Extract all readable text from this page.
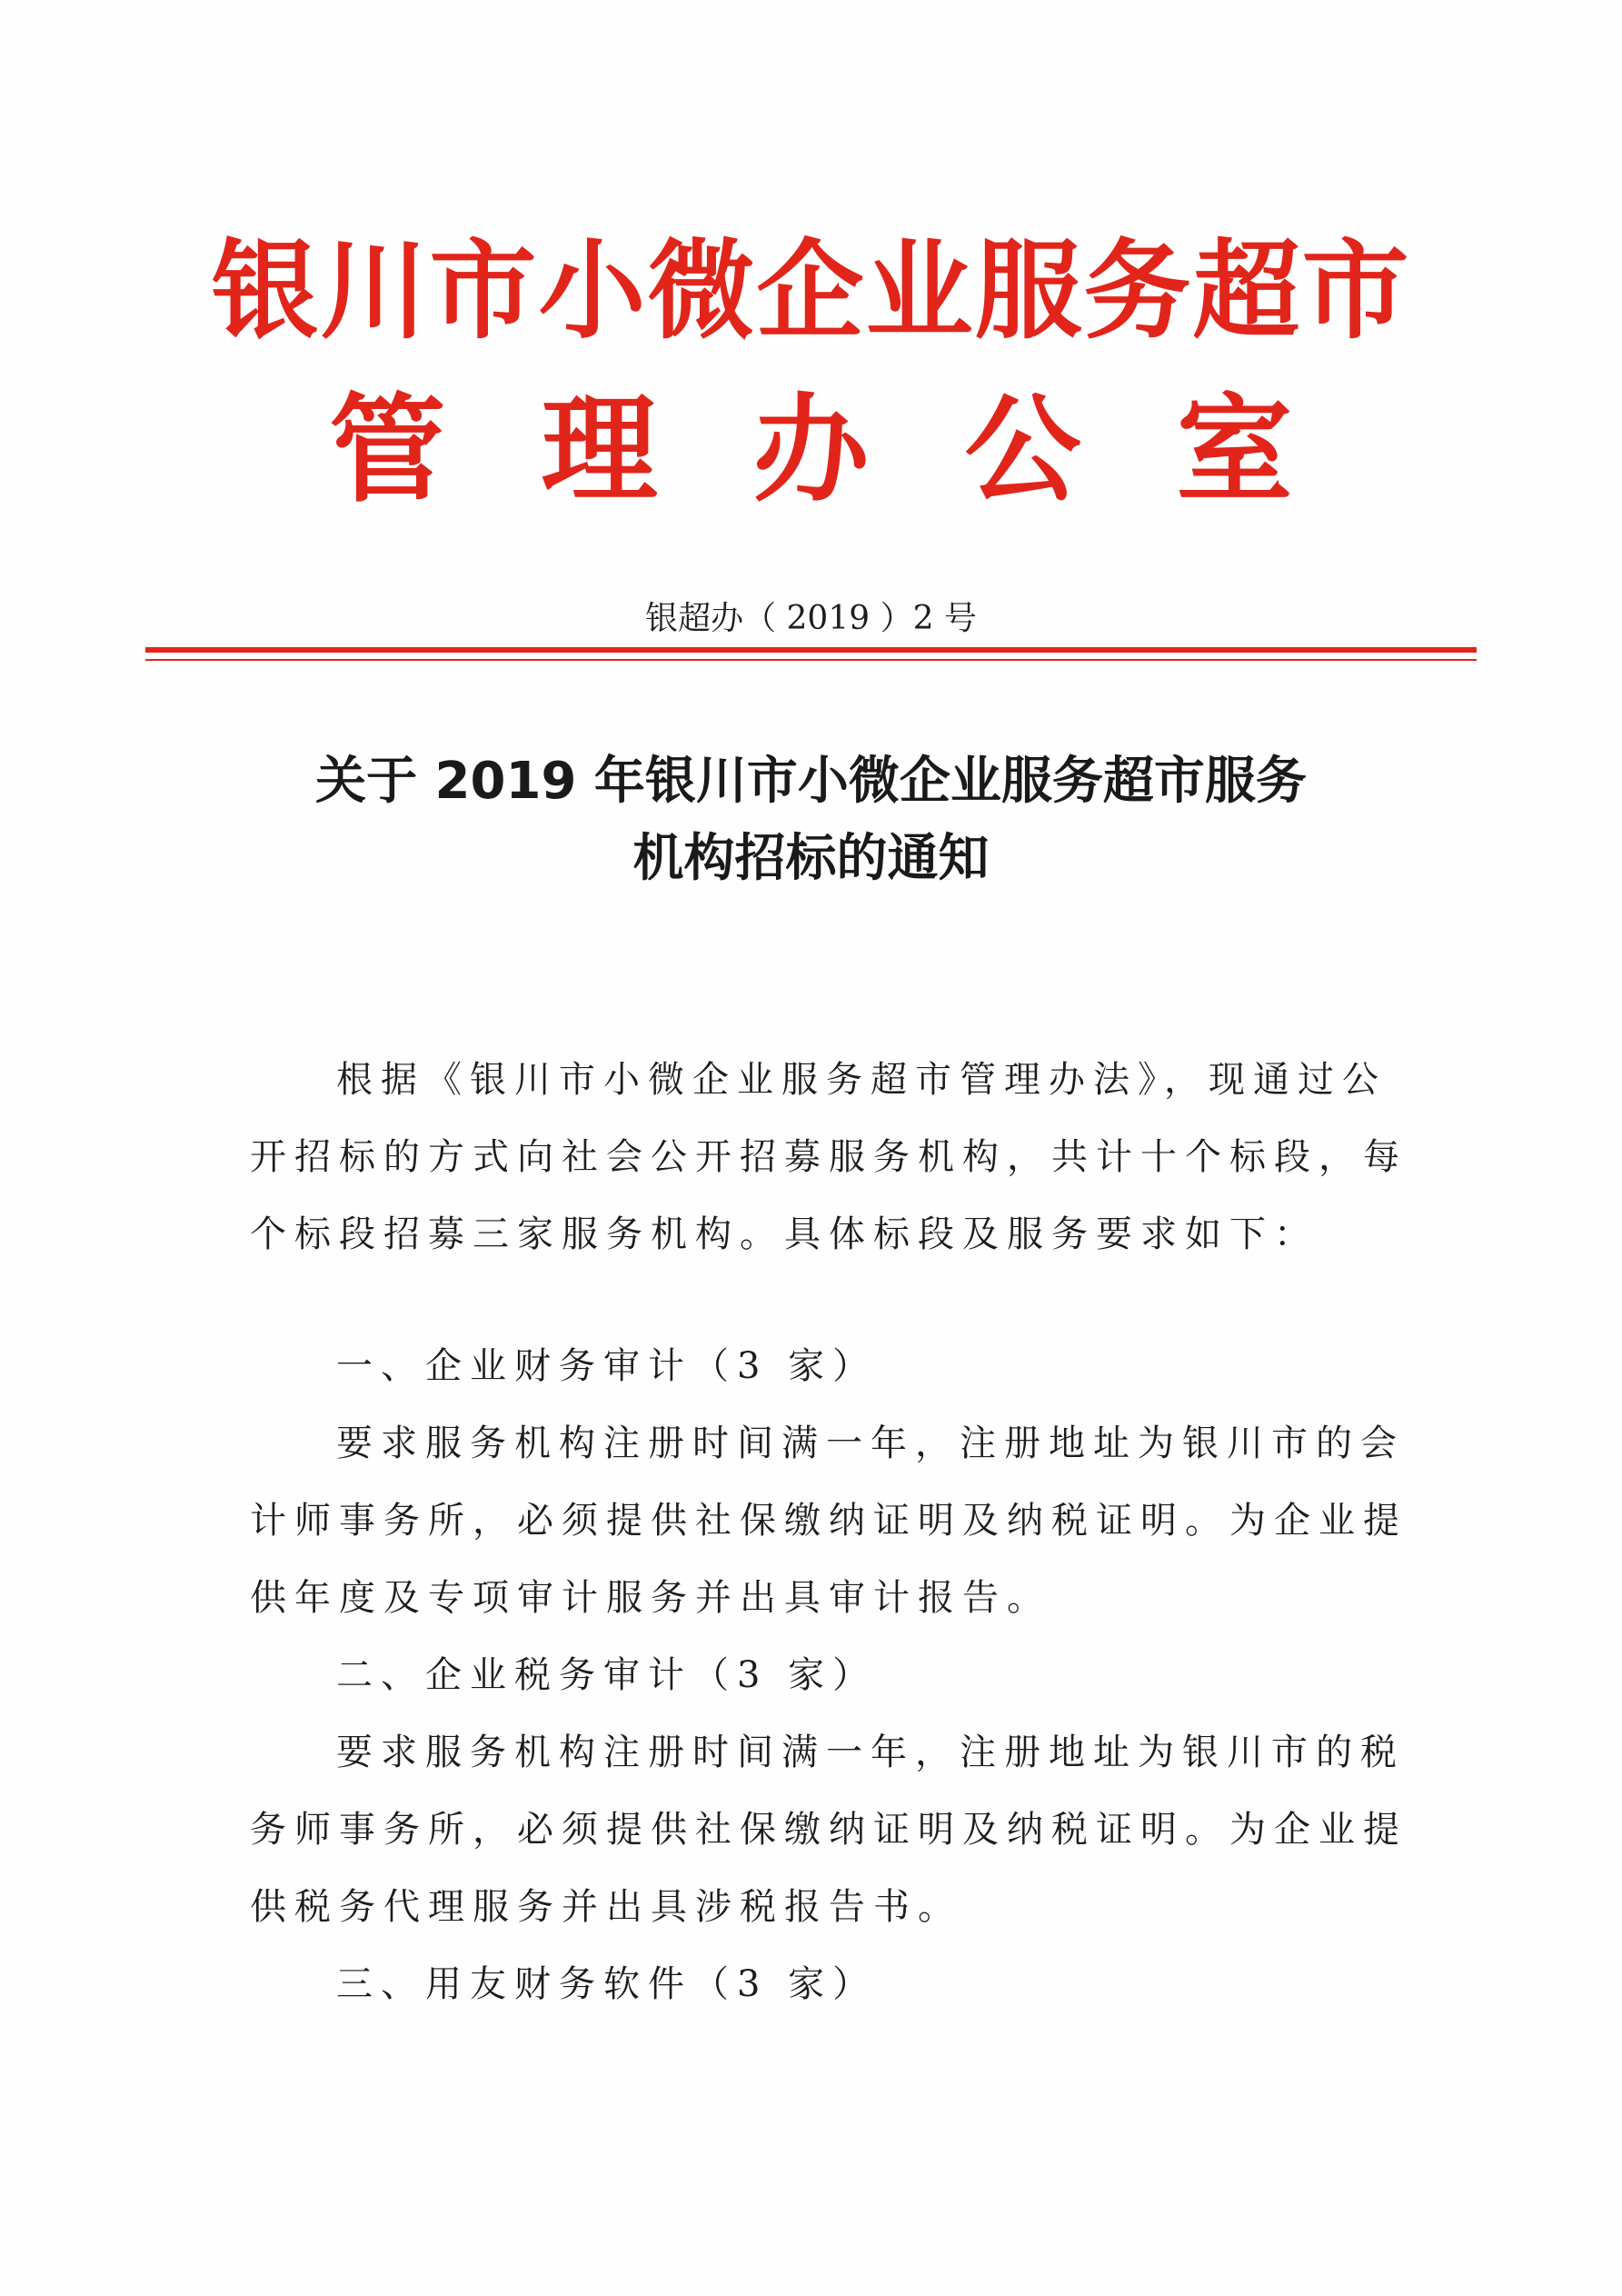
银川市小微企业服务超市
管理办公室
银超办（ 2019 ）2 号
关于 2019 年银川市小微企业服务超市服务
机构招标的通知
根据《银川市小微企业服务超市管理办法》，现通过公
开招标的方式向社会公开招募服务机构，共计十个标段，每
个标段招募三家服务机构。具体标段及服务要求如下：
一、企业财务审计（3 家）
要求服务机构注册时间满一年，注册地址为银川市的会
计师事务所，必须提供社保缴纳证明及纳税证明。为企业提
供年度及专项审计服务并出具审计报告。
二、企业税务审计（3 家）
要求服务机构注册时间满一年，注册地址为银川市的税
务师事务所，必须提供社保缴纳证明及纳税证明。为企业提
供税务代理服务并出具涉税报告书。
三、用友财务软件（3 家）
